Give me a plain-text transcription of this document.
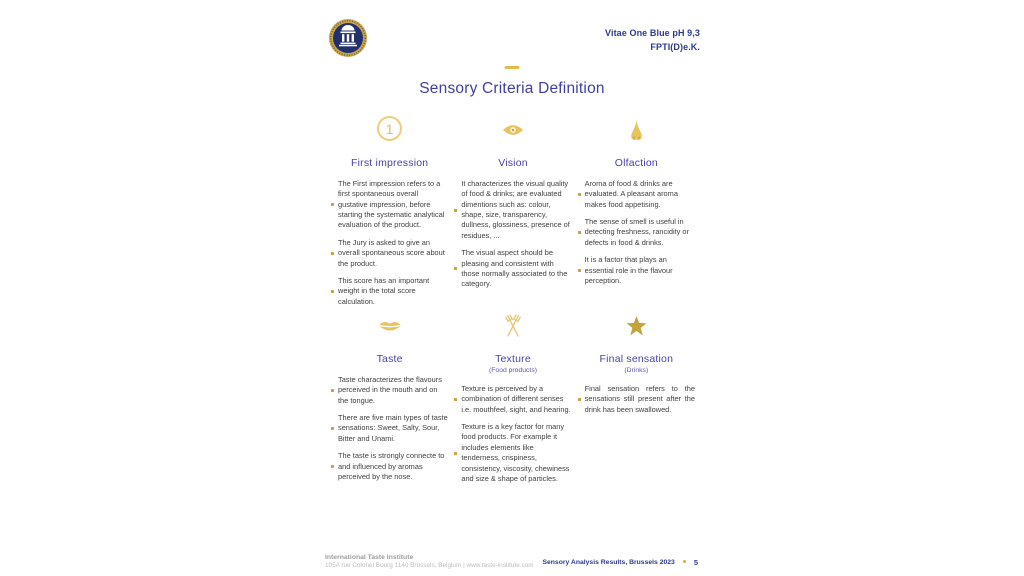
Vitae One Blue pH 9,3
FPTI(D)e.K.
Sensory Criteria Definition
1
First impression
The First impression refers to a first spontaneous overall gustative impression, before starting the systematic analytical evaluation of the product.
The Jury is asked to give an overall spontaneous score about the product.
This score has an important weight in the total score calculation.
Vision
It characterizes the visual quality of food & drinks; are evaluated dimentions such as: colour, shape, size, transparency, dullness, glossiness, presence of residues, ...
The visual aspect should be pleasing and consistent with those normally associated to the category.
Olfaction
Aroma of food & drinks are evaluated. A pleasant aroma makes food appetising.
The sense of smell is useful in detecting freshness, rancidity or defects in food & drinks.
It is a factor that plays an essential role in the flavour perception.
Taste
Taste characterizes the flavours perceived in the mouth and on the tongue.
There are five main types of taste sensations: Sweet, Salty, Sour, Bitter and Unami.
The taste is strongly connecte to and influenced by aromas perceived by the nose.
Texture
(Food products)
Texture is perceived by a combination of different senses i.e. mouthfeel, sight, and hearing.
Texture is a key factor for many food products. For example it includes elements like tenderness, crispiness, consistency, viscosity, chewiness and size & shape of particles.
Final sensation
(Drinks)
Final sensation refers to the sensations still present after the drink has been swallowed.
International Taste Institute
105A rue Colonel Bourg 1140 Brussels, Belgium | www.taste-institute.com Sensory Analysis Results, Brussels 2023	5
